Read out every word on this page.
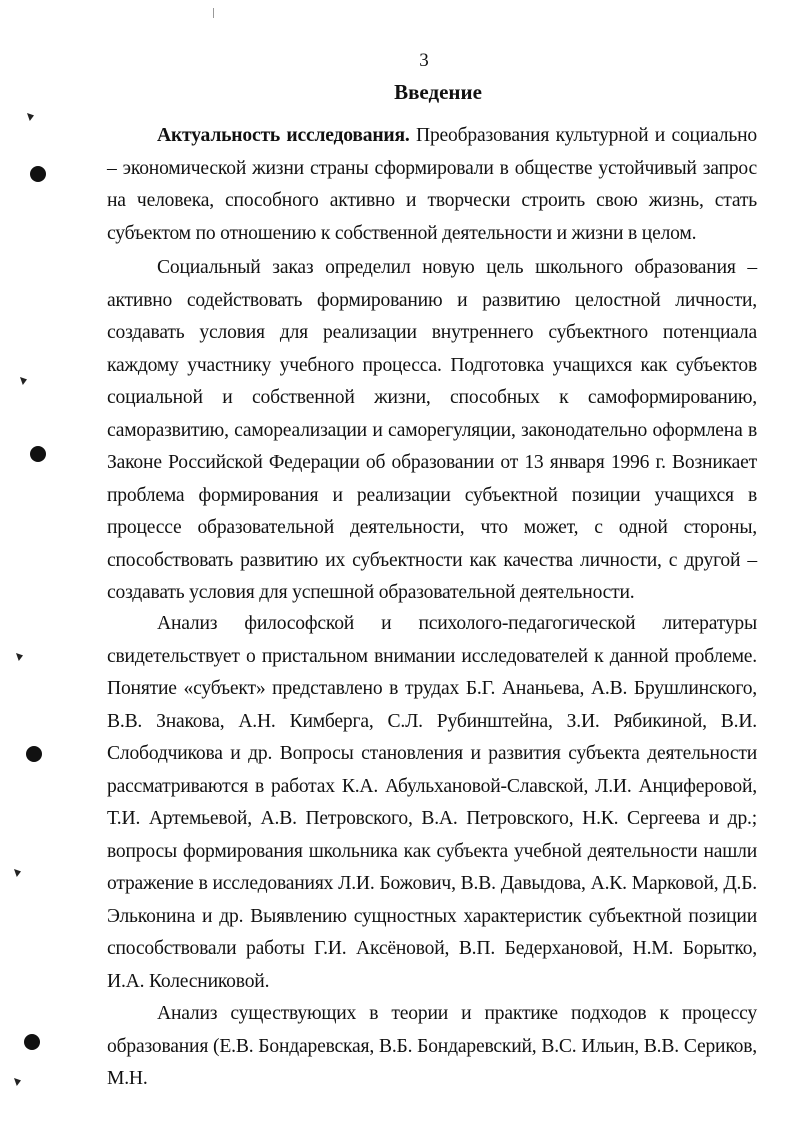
3
Введение

Актуальность исследования. Преобразования культурной и социально – экономической жизни страны сформировали в обществе устойчивый запрос на человека, способного активно и творчески строить свою жизнь, стать субъектом по отношению к собственной деятельности и жизни в целом.

Социальный заказ определил новую цель школьного образования – активно содействовать формированию и развитию целостной личности, создавать условия для реализации внутреннего субъектного потенциала каждому участнику учебного процесса. Подготовка учащихся как субъектов социальной и собственной жизни, способных к самоформированию, саморазвитию, самореализации и саморегуляции, законодательно оформлена в Законе Российской Федерации об образовании от 13 января 1996 г. Возникает проблема формирования и реализации субъектной позиции учащихся в процессе образовательной деятельности, что может, с одной стороны, способствовать развитию их субъектности как качества личности, с другой – создавать условия для успешной образовательной деятельности.

Анализ философской и психолого-педагогической литературы свидетельствует о пристальном внимании исследователей к данной проблеме. Понятие «субъект» представлено в трудах Б.Г. Ананьева, А.В. Брушлинского, В.В. Знакова, А.Н. Кимберга, С.Л. Рубинштейна, З.И. Рябикиной, В.И. Слободчикова и др. Вопросы становления и развития субъекта деятельности рассматриваются в работах К.А. Абульхановой-Славской, Л.И. Анциферовой, Т.И. Артемьевой, А.В. Петровского, В.А. Петровского, Н.К. Сергеева и др.; вопросы формирования школьника как субъекта учебной деятельности нашли отражение в исследованиях Л.И. Божович, В.В. Давыдова, А.К. Марковой, Д.Б. Эльконина и др. Выявлению сущностных характеристик субъектной позиции способствовали работы Г.И. Аксёновой, В.П. Бедерхановой, Н.М. Борытко, И.А. Колесниковой.

Анализ существующих в теории и практике подходов к процессу образования (Е.В. Бондаревская, В.Б. Бондаревский, В.С. Ильин, В.В. Сериков, М.Н.
